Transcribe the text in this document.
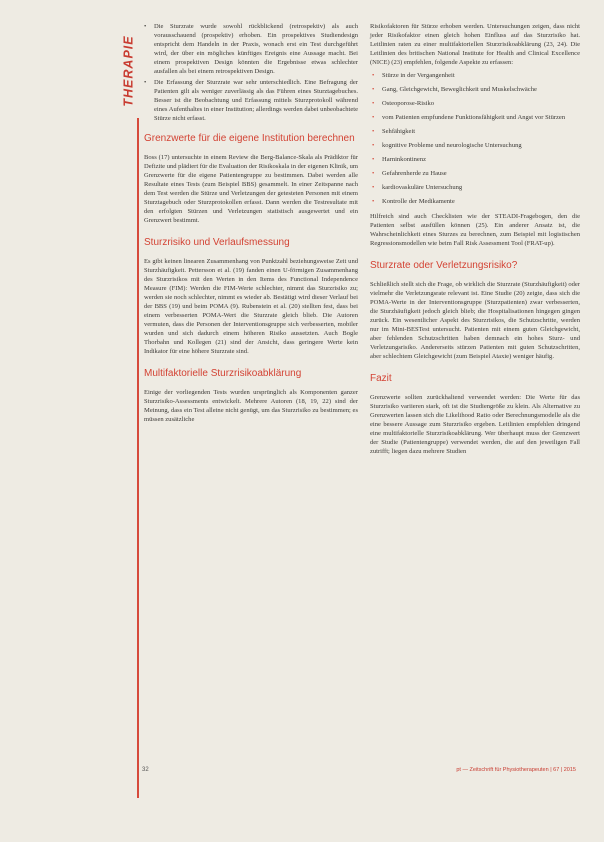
THERAPIE
• Die Sturzrate wurde sowohl rückblickend (retrospektiv) als auch vorausschauend (prospektiv) erhoben. Ein prospektives Studiendesign entspricht dem Handeln in der Praxis, wonach erst ein Test durchgeführt wird, der über ein mögliches künftiges Ereignis eine Aussage macht. Bei einem prospektiven Design könnten die Ergebnisse etwas schlechter ausfallen als bei einem retrospektiven Design.
• Die Erfassung der Sturzrate war sehr unterschiedlich. Eine Befragung der Patienten gilt als weniger zuverlässig als das Führen eines Sturztagebuches. Besser ist die Beobachtung und Erfassung mittels Sturzprotokoll während eines Aufenthaltes in einer Institution; allerdings werden dabei unbeobachtete Stürze nicht erfasst.
Grenzwerte für die eigene Institution berechnen

Boss (17) untersuchte in einem Review die Berg-Balance-Skala als Prädiktor für Defizite und plädiert für die Evaluation der Risikoskala in der eigenen Klinik, um Grenzwerte für die eigene Patientengruppe zu bestimmen. Dabei werden alle Resultate eines Tests (zum Beispiel BBS) gesammelt. In einer Zeitspanne nach dem Test werden die Stürze und Verletzungen der getesteten Personen mit einem Sturztagebuch oder Sturzprotokollen erfasst. Dann werden die Testresultate mit den erfolgten Stürzen und Verletzungen statistisch ausgewertet und ein Grenzwert bestimmt.

Sturzrisiko und Verlaufsmessung

Es gibt keinen linearen Zusammenhang von Punktzahl beziehungsweise Zeit und Sturzhäufigkeit. Pettersson et al. (19) fanden einen U-förmigen Zusammenhang des Sturzrisikos mit den Werten in den Items des Functional Independence Measure (FIM): Werden die FIM-Werte schlechter, nimmt das Sturzrisiko zu; werden sie noch schlechter, nimmt es wieder ab. Bestätigt wird dieser Verlauf bei der BBS (19) und beim POMA (9). Rubenstein et al. (20) stellten fest, dass bei einem verbesserten POMA-Wert die Sturzrate gleich blieb. Die Autoren vermuten, dass die Personen der Interventionsgruppe sich verbesserten, mobiler wurden und sich dadurch einem höheren Risiko aussetzten. Auch Bogle Thorbahn und Kollegen (21) sind der Ansicht, dass geringere Werte kein Indikator für eine höhere Sturzrate sind.

Multifaktorielle Sturzrisikoabklärung

Einige der vorliegenden Tests wurden ursprünglich als Komponenten ganzer Sturzrisiko-Assessments entwickelt. Mehrere Autoren (18, 19, 22) sind der Meinung, dass ein Test alleine nicht genügt, um das Sturzrisiko zu bestimmen; es müssen zusätzliche

Risikofaktoren für Stürze erhoben werden. Untersuchungen zeigen, dass nicht jeder Risikofaktor einen gleich hohen Einfluss auf das Sturzrisiko hat. Leitlinien raten zu einer multifaktoriellen Sturzrisikoabklärung (23, 24). Die Leitlinien des britischen National Institute for Health and Clinical Excellence (NICE) (23) empfehlen, folgende Aspekte zu erfassen:

• Stürze in der Vergangenheit
• Gang, Gleichgewicht, Beweglichkeit und Muskelschwäche
• Osteoporose-Risiko
• vom Patienten empfundene Funktionsfähigkeit und Angst vor Stürzen
• Sehfähigkeit
• kognitive Probleme und neurologische Untersuchung
• Harninkontinenz
• Gefahrenherde zu Hause
• kardiovaskuläre Untersuchung
• Kontrolle der Medikamente

Hilfreich sind auch Checklisten wie der STEADI-Fragebogen, den die Patienten selbst ausfüllen können (25). Ein anderer Ansatz ist, die Wahrscheinlichkeit eines Sturzes zu berechnen, zum Beispiel mit logistischen Regressionsmodellen wie beim Fall Risk Assessment Tool (FRAT-up).

Sturzrate oder Verletzungsrisiko?

Schließlich stellt sich die Frage, ob wirklich die Sturzrate (Sturzhäufigkeit) oder vielmehr die Verletzungsrate relevant ist. Eine Studie (20) zeigte, dass sich die POMA-Werte in der Interventionsgruppe (Sturzpatienten) zwar verbesserten, die Sturzhäufigkeit jedoch gleich blieb; die Hospitalisationen hingegen gingen zurück. Ein wesentlicher Aspekt des Sturzrisikos, die Schutzschritte, werden nur im Mini-BESTest untersucht. Patienten mit einem guten Gleichgewicht, aber fehlenden Schutzschritten haben demnach ein hohes Sturz- und Verletzungsrisiko. Andererseits stürzen Patienten mit guten Schutzschritten, aber schlechtem Gleichgewicht (zum Beispiel Ataxie) weniger häufig.

Fazit

Grenzwerte sollten zurückhaltend verwendet werden: Die Werte für das Sturzrisiko variieren stark, oft ist die Studiengröße zu klein. Als Alternative zu Grenzwerten lassen sich die Likelihood Ratio oder Berechnungsmodelle als die eine bessere Aussage zum Sturzrisiko ergeben. Leitlinien empfehlen dringend eine multifaktorielle Sturzrisikoabklärung. Wer überhaupt muss der Grenzwert der Studie (Patientengruppe) verwendet werden, die auf den jeweiligen Fall zutrifft; liegen dazu mehrere Studien

32	pt — Zeitschrift für Physiotherapeuten | 67 | 2015
